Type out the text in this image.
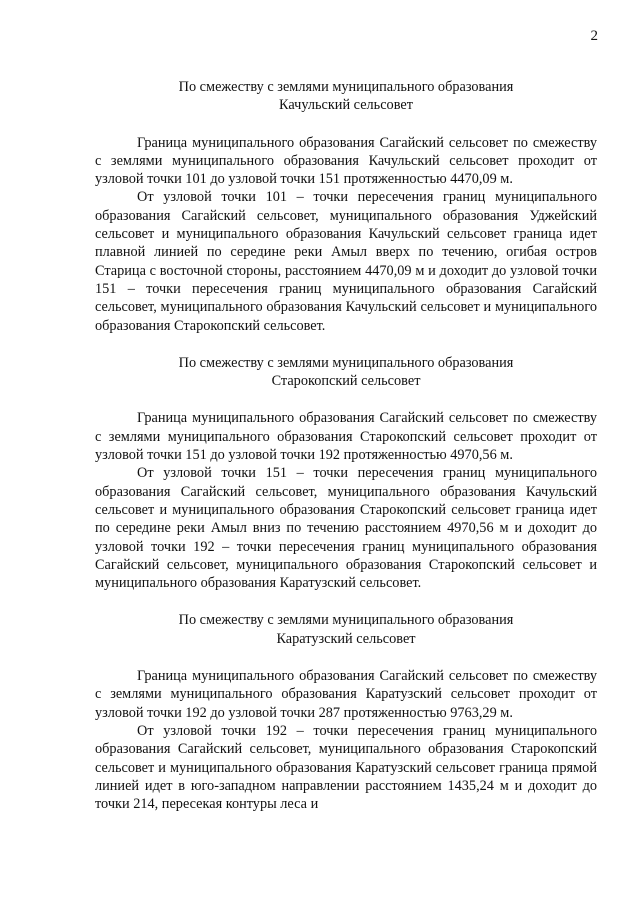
2

По смежеству с землями муниципального образования
Качульский сельсовет

Граница муниципального образования Сагайский сельсовет по смежеству с землями муниципального образования Качульский сельсовет проходит от узловой точки 101 до узловой точки 151 протяженностью 4470,09 м.

От узловой точки 101 – точки пересечения границ муниципального образования Сагайский сельсовет, муниципального образования Уджейский сельсовет и муниципального образования Качульский сельсовет граница идет плавной линией по середине реки Амыл вверх по течению, огибая остров Старица с восточной стороны, расстоянием 4470,09 м и доходит до узловой точки 151 – точки пересечения границ муниципального образования Сагайский сельсовет, муниципального образования Качульский сельсовет и муниципального образования Старокопский сельсовет.

По смежеству с землями муниципального образования
Старокопский сельсовет

Граница муниципального образования Сагайский сельсовет по смежеству с землями муниципального образования Старокопский сельсовет проходит от узловой точки 151 до узловой точки 192 протяженностью 4970,56 м.

От узловой точки 151 – точки пересечения границ муниципального образования Сагайский сельсовет, муниципального образования Качульский сельсовет и муниципального образования Старокопский сельсовет граница идет по середине реки Амыл вниз по течению расстоянием 4970,56 м и доходит до узловой точки 192 – точки пересечения границ муниципального образования Сагайский сельсовет, муниципального образования Старокопский сельсовет и муниципального образования Каратузский сельсовет.

По смежеству с землями муниципального образования
Каратузский сельсовет

Граница муниципального образования Сагайский сельсовет по смежеству с землями муниципального образования Каратузский сельсовет проходит от узловой точки 192 до узловой точки 287 протяженностью 9763,29 м.

От узловой точки 192 – точки пересечения границ муниципального образования Сагайский сельсовет, муниципального образования Старокопский сельсовет и муниципального образования Каратузский сельсовет граница прямой линией идет в юго-западном направлении расстоянием 1435,24 м и доходит до точки 214, пересекая контуры леса и
